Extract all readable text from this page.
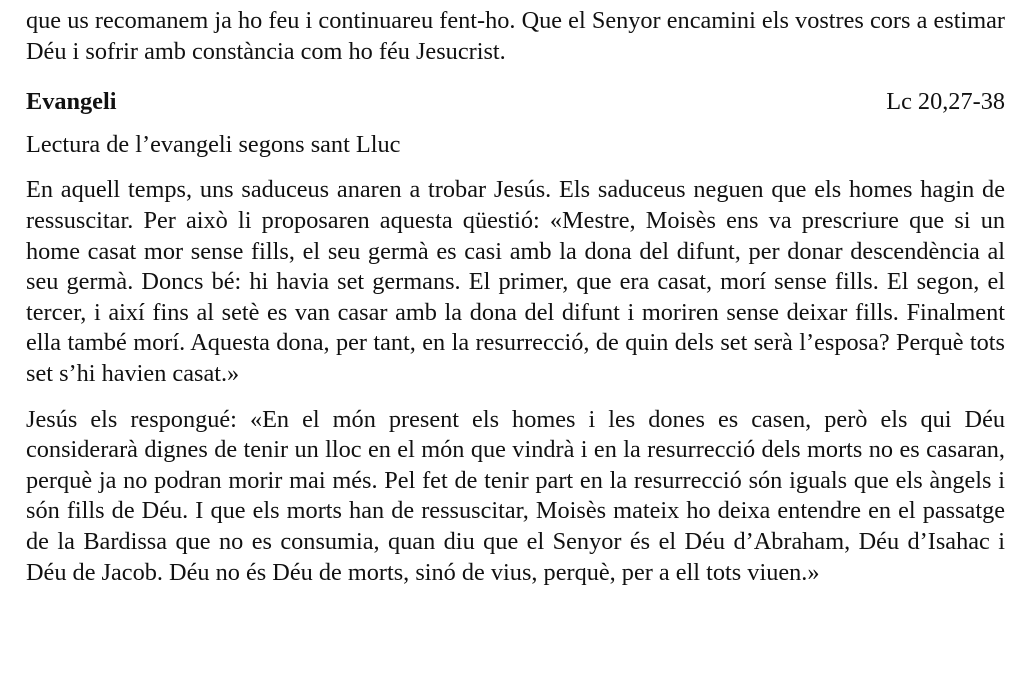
que us recomanem ja ho feu i continuareu fent-ho. Que el Senyor encamini els vostres cors a estimar Déu i sofrir amb constància com ho féu Jesucrist.

Evangeli	Lc 20,27-38

Lectura de l’evangeli segons sant Lluc

En aquell temps, uns saduceus anaren a trobar Jesús. Els saduceus neguen que els homes hagin de ressuscitar. Per això li proposaren aquesta qüestió: «Mestre, Moisès ens va prescriure que si un home casat mor sense fills, el seu germà es casi amb la dona del difunt, per donar descendència al seu germà. Doncs bé: hi havia set germans. El primer, que era casat, morí sense fills. El segon, el tercer, i així fins al setè es van casar amb la dona del difunt i moriren sense deixar fills. Finalment ella també morí. Aquesta dona, per tant, en la resurrecció, de quin dels set serà l’esposa? Perquè tots set s’hi havien casat.»

Jesús els respongué: «En el món present els homes i les dones es casen, però els qui Déu considerarà dignes de tenir un lloc en el món que vindrà i en la resurrecció dels morts no es casaran, perquè ja no podran morir mai més. Pel fet de tenir part en la resurrecció són iguals que els àngels i són fills de Déu. I que els morts han de ressuscitar, Moisès mateix ho deixa entendre en el passatge de la Bardissa que no es consumia, quan diu que el Senyor és el Déu d’Abraham, Déu d’Isahac i Déu de Jacob. Déu no és Déu de morts, sinó de vius, perquè, per a ell tots viuen.»
